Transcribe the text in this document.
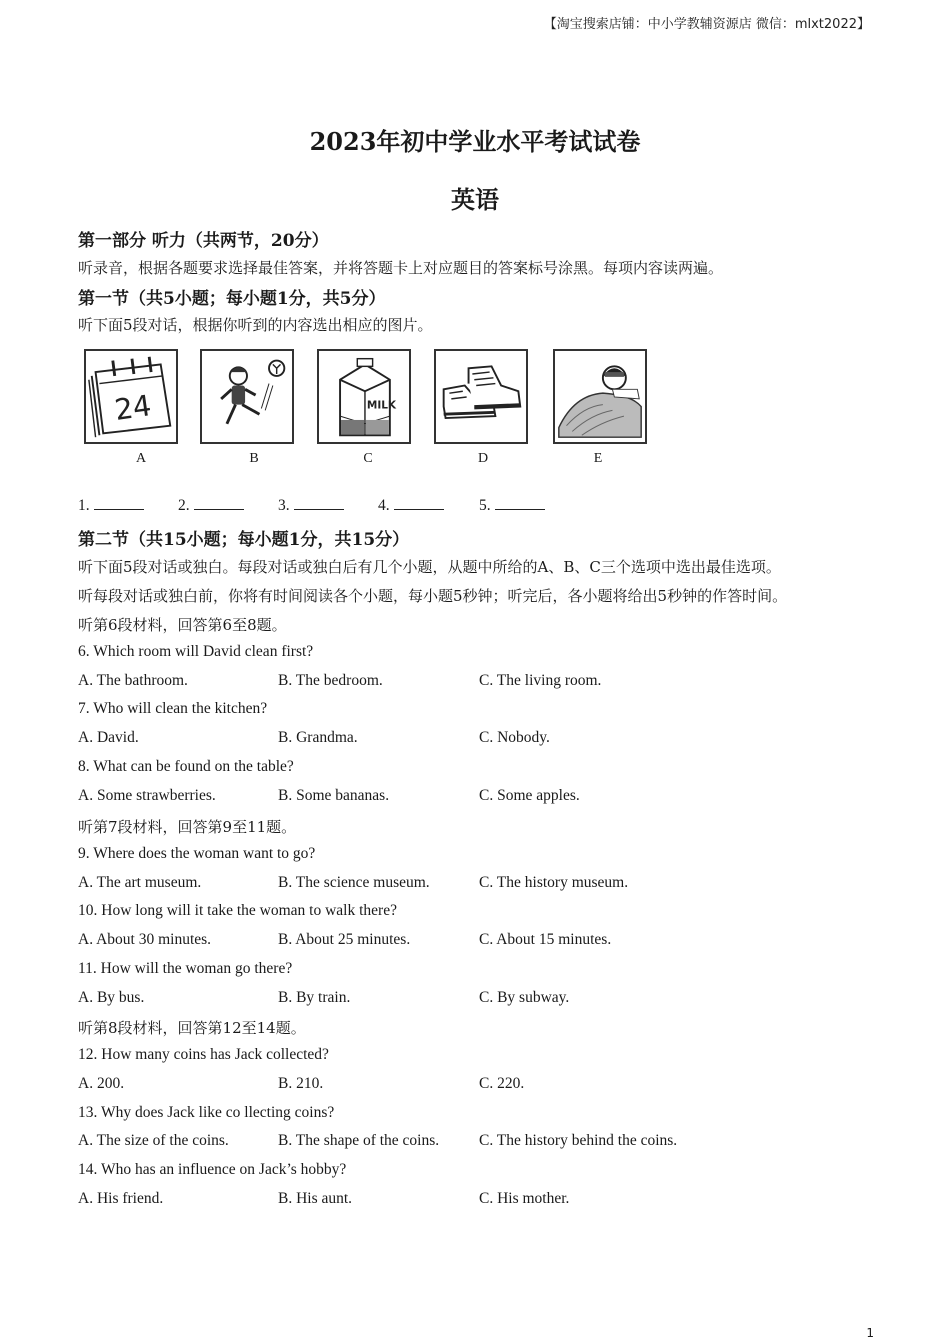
【淘宝搜索店铺：中小学教辅资源店 微信：mlxt2022】
2023年初中学业水平考试试卷
英语
第一部分 听力（共两节，20分）
听录音，根据各题要求选择最佳答案，并将答题卡上对应题目的答案标号涂黑。每项内容读两遍。
第一节（共5小题；每小题1分，共5分）
听下面5段对话，根据你听到的内容选出相应的图片。
24	MILK
A	B	C	D	E
1.	2.	3.	4.	5.
第二节（共15小题；每小题1分，共15分）
听下面5段对话或独白。每段对话或独白后有几个小题，从题中所给的A、B、C三个选项中选出最佳选项。
听每段对话或独白前，你将有时间阅读各个小题，每小题5秒钟；听完后，各小题将给出5秒钟的作答时间。
听第6段材料，回答第6至8题。
6. Which room will David clean first?
A. The bathroom.	B. The bedroom.	C. The living room.
7. Who will clean the kitchen?
A. David.	B. Grandma.	C. Nobody.
8. What can be found on the table?
A. Some strawberries.	B. Some bananas.	C. Some apples.
听第7段材料，回答第9至11题。
9. Where does the woman want to go?
A. The art museum.	B. The science museum.	C. The history museum.
10. How long will it take the woman to walk there?
A. About 30 minutes.	B. About 25 minutes.	C. About 15 minutes.
11. How will the woman go there?
A. By bus.	B. By train.	C. By subway.
听第8段材料，回答第12至14题。
12. How many coins has Jack collected?
A. 200.	B. 210.	C. 220.
13. Why does Jack like co llecting coins?
A. The size of the coins.	B. The shape of the coins.	C. The history behind the coins.
14. Who has an influence on Jack’s hobby?
A. His friend.	B. His aunt.	C. His mother.
1
